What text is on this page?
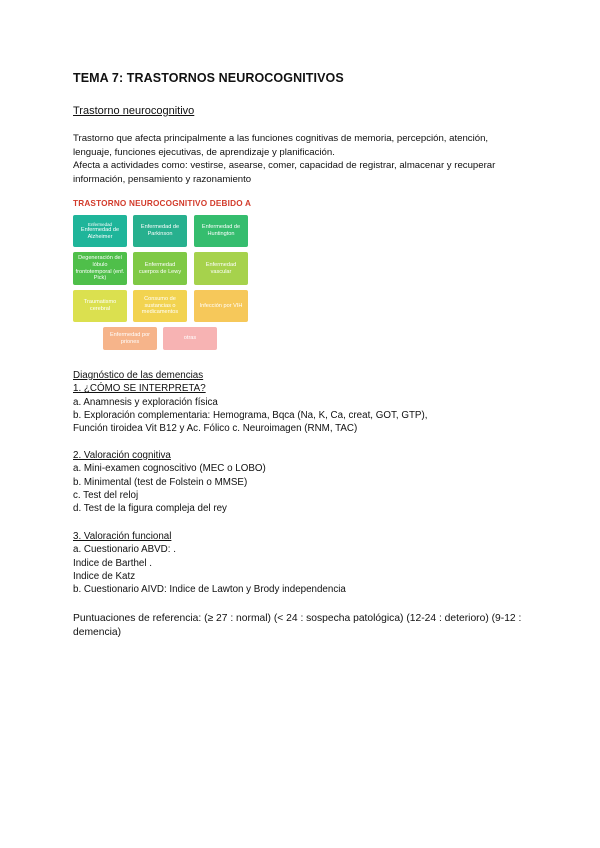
TEMA 7: TRASTORNOS NEUROCOGNITIVOS
Trastorno neurocognitivo
Trastorno que afecta principalmente a las funciones cognitivas de memoria, percepción, atención,
lenguaje, funciones ejecutivas, de aprendizaje y planificación.
Afecta a actividades como: vestirse, asearse, comer, capacidad de registrar, almacenar y recuperar
información, pensamiento y razonamiento
TRASTORNO NEUROCOGNITIVO DEBIDO A
Enfermedad
Enfermedad de Alzheimer
Enfermedad de Parkinson
Enfermedad de Huntington
Degeneración del lóbulo frontotemporal (enf. Pick)
Enfermedad cuerpos de Lewy
Enfermedad vascular
Traumatismo cerebral
Consumo de sustancias o medicamentos
Infección por VIH
Enfermedad por priones
otras
Diagnóstico de las demencias
1. ¿CÓMO SE INTERPRETA?
a. Anamnesis y exploración física
b. Exploración complementaria: Hemograma, Bqca (Na, K, Ca, creat, GOT, GTP),
Función tiroidea Vit B12 y Ac. Fólico c. Neuroimagen (RNM, TAC)
2. Valoración cognitiva
a. Mini-examen cognoscitivo (MEC o LOBO)
b. Minimental (test de Folstein o MMSE)
c. Test del reloj
d. Test de la figura compleja del rey
3. Valoración funcional
a. Cuestionario ABVD: .
Indice de Barthel .
Indice de Katz
b. Cuestionario AIVD: Indice de Lawton y Brody independencia
Puntuaciones de referencia: (≥ 27 : normal) (< 24 : sospecha patológica) (12-24 : deterioro) (9-12 :
demencia)
